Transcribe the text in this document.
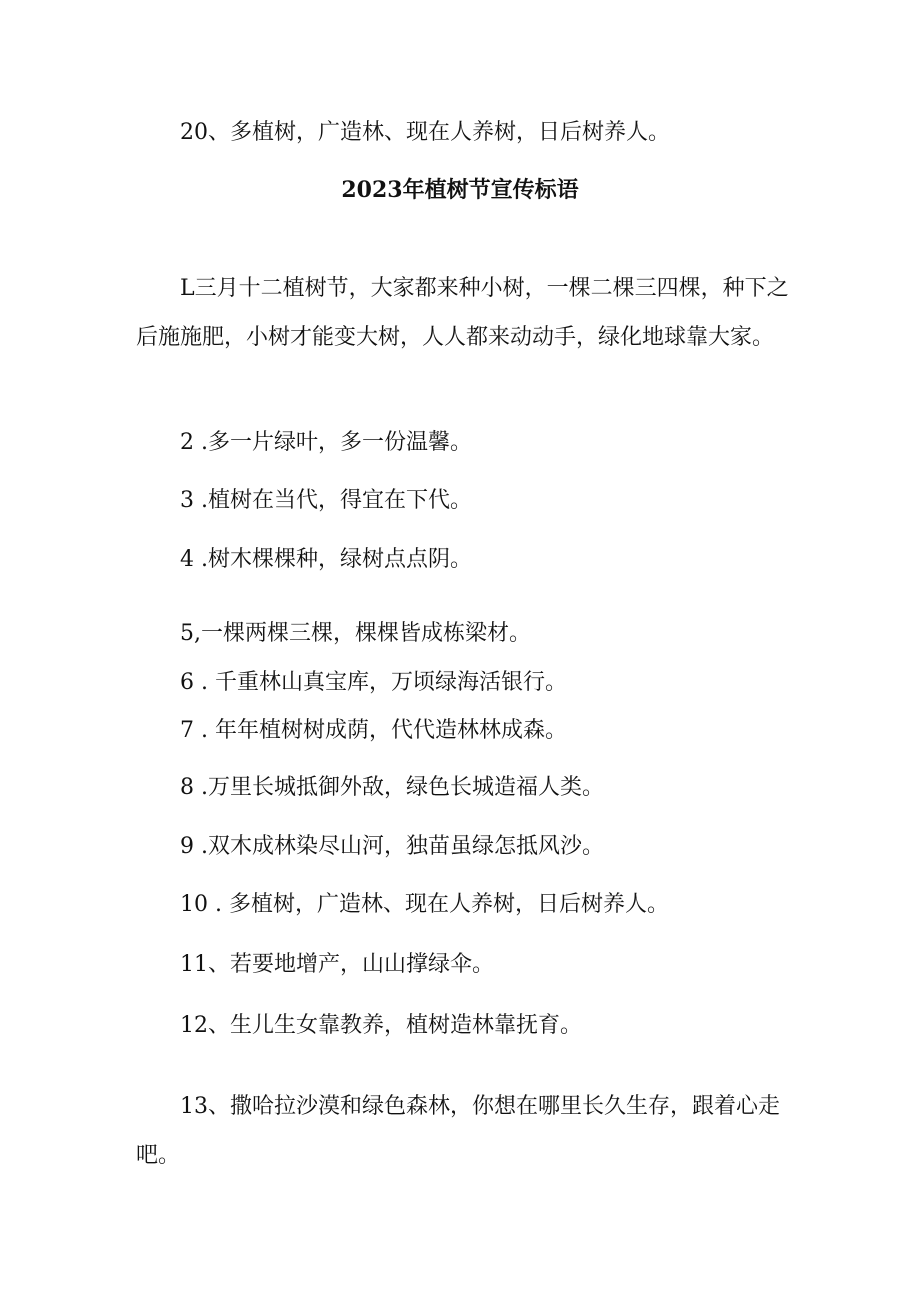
20、多植树，广造林、现在人养树，日后树养人。
2023年植树节宣传标语
L三月十二植树节，大家都来种小树，一棵二棵三四棵，种下之后施施肥，小树才能变大树，人人都来动动手，绿化地球靠大家。
2 .多一片绿叶，多一份温馨。
3 .植树在当代，得宜在下代。
4 .树木棵棵种，绿树点点阴。
5,一棵两棵三棵，棵棵皆成栋梁材。
6 . 千重林山真宝库，万顷绿海活银行。
7 . 年年植树树成荫，代代造林林成森。
8 .万里长城抵御外敌，绿色长城造福人类。
9 .双木成林染尽山河，独苗虽绿怎抵风沙。
10 . 多植树，广造林、现在人养树，日后树养人。
11、若要地增产，山山撑绿伞。
12、生儿生女靠教养，植树造林靠抚育。
13、撒哈拉沙漠和绿色森林，你想在哪里长久生存，跟着心走吧。
